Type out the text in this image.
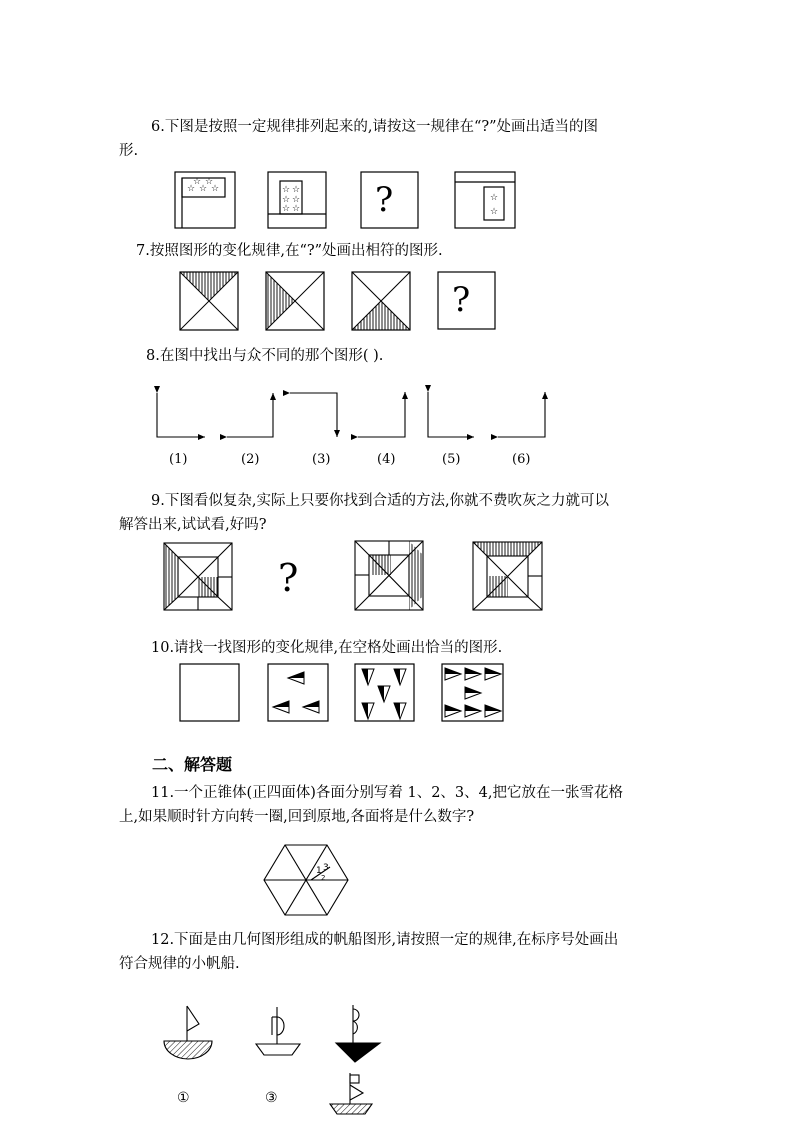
6.下图是按照一定规律排列起来的,请按这一规律在“?”处画出适当的图
形.
☆ ☆ ☆
☆ ☆
☆ ☆
☆ ☆
☆ ☆
☆
☆
?
7.按照图形的变化规律,在“?”处画出相符的图形.
?
8.在图中找出与众不同的那个图形( ).
(1)	(2)	(3)	(4)	(5)	(6)
9.下图看似复杂,实际上只要你找到合适的方法,你就不费吹灰之力就可以
解答出来,试试看,好吗?
?
10.请找一找图形的变化规律,在空格处画出恰当的图形.
二、解答题
11.一个正锥体(正四面体)各面分别写着 1、2、3、4,把它放在一张雪花格
上,如果顺时针方向转一圈,回到原地,各面将是什么数字?
1 3
2
12.下面是由几何图形组成的帆船图形,请按照一定的规律,在标序号处画出
符合规律的小帆船.
①	③
